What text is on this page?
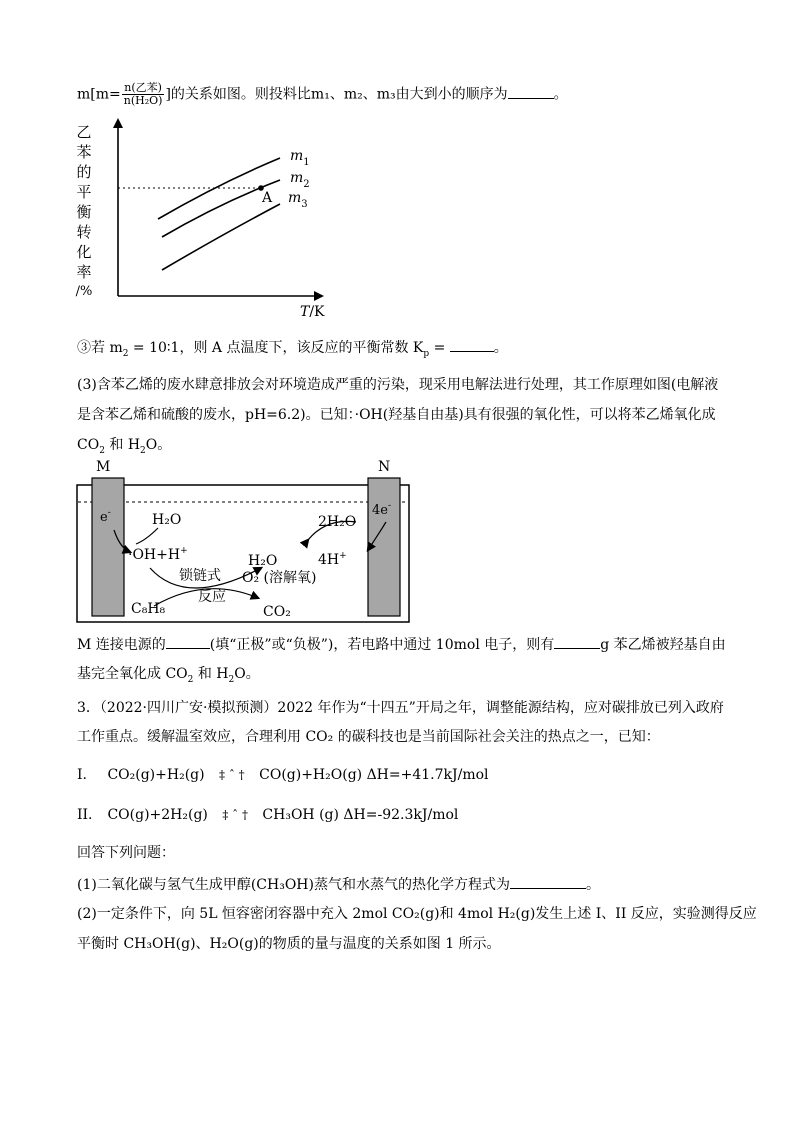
$m[m= \frac{\text{n(乙苯)}}{\text{n(H₂O)}}$ ]的关系如图。则投料比m₁、m₂、m₃由大到小的顺序为	。
乙
苯
的
平
衡
转
化
率
/%
A
$m_1$
$m_2$
$m_3$
T/K
③若 $m_2$ = 10∶1，则 A 点温度下，该反应的平衡常数 $K_p$ =	。
(3)含苯乙烯的废水肆意排放会对环境造成严重的污染，现采用电解法进行处理，其工作原理如图(电解液
是含苯乙烯和硫酸的废水，pH=6.2)。已知：·OH(羟基自由基)具有很强的氧化性，可以将苯乙烯氧化成
$CO_2$ 和 $H_2O$。
M	N
e-	H₂O
·OH+H+
锁链式
反应
H₂O
O₂ (溶解氧)
C₈H₈	CO₂
2H₂O
4H+
4e-
M 连接电源的	(填“正极”或“负极”)，若电路中通过 10mol 电子，则有	g 苯乙烯被羟基自由
基完全氧化成 $CO_2$ 和 $H_2O$。
3．（2022·四川广安·模拟预测）2022 年作为“十四五”开局之年，调整能源结构，应对碳排放已列入政府
工作重点。缓解温室效应，合理利用 CO₂ 的碳科技也是当前国际社会关注的热点之一，已知：
I. CO₂(g)+H₂(g) ‡ ˆ † CO(g)+H₂O(g) ΔH=+41.7kJ/mol
II. CO(g)+2H₂(g) ‡ ˆ † CH₃OH (g) ΔH=-92.3kJ/mol
回答下列问题：
(1)二氧化碳与氢气生成甲醇(CH₃OH)蒸气和水蒸气的热化学方程式为	。
(2)一定条件下，向 5L 恒容密闭容器中充入 2mol CO₂(g)和 4mol H₂(g)发生上述 I、II 反应，实验测得反应
平衡时 CH₃OH(g)、H₂O(g)的物质的量与温度的关系如图 1 所示。
